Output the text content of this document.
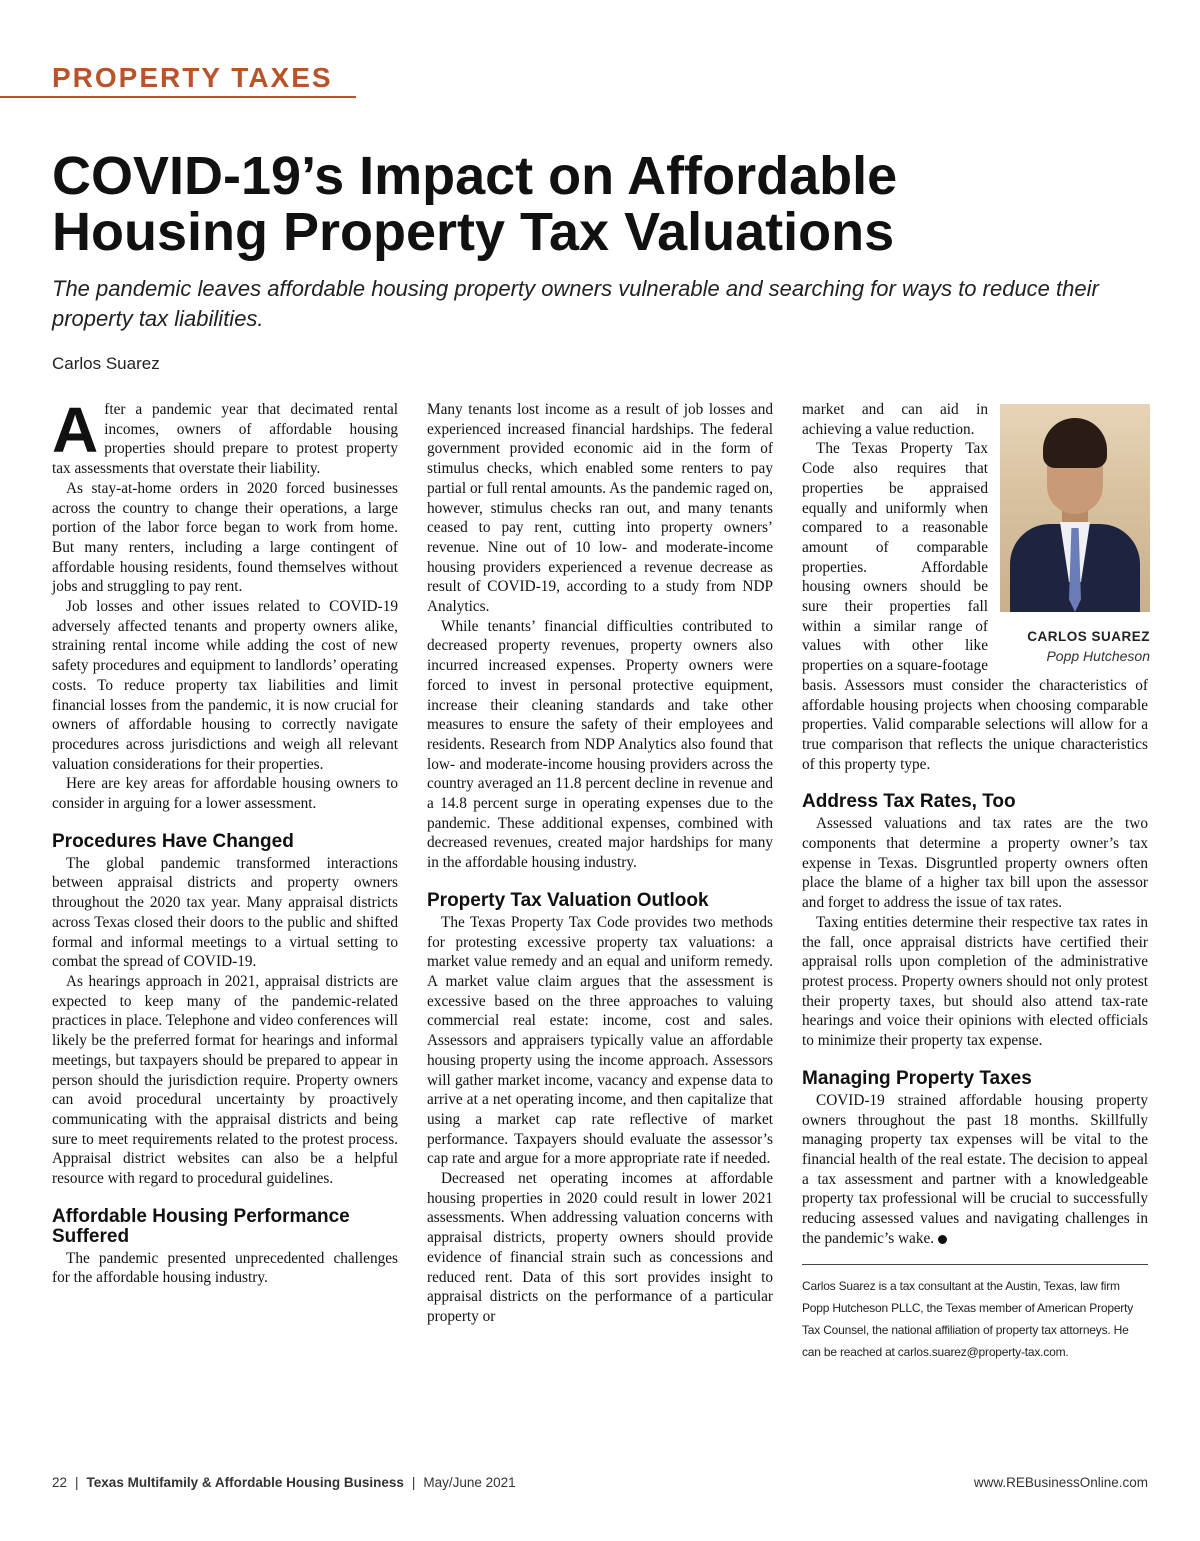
PROPERTY TAXES
COVID-19’s Impact on Affordable
Housing Property Tax Valuations

The pandemic leaves affordable housing property owners vulnerable and searching for ways to reduce their property tax liabilities.

Carlos Suarez

After a pandemic year that decimated rental incomes, owners of affordable housing properties should prepare to protest property tax assessments that overstate their liability.

As stay-at-home orders in 2020 forced businesses across the country to change their operations, a large portion of the labor force began to work from home. But many renters, including a large contingent of affordable housing residents, found themselves without jobs and struggling to pay rent.

Job losses and other issues related to COVID-19 adversely affected tenants and property owners alike, straining rental income while adding the cost of new safety procedures and equipment to landlords’ operating costs. To reduce property tax liabilities and limit financial losses from the pandemic, it is now crucial for owners of affordable housing to correctly navigate procedures across jurisdictions and weigh all relevant valuation considerations for their properties.

Here are key areas for affordable housing owners to consider in arguing for a lower assessment.

Procedures Have Changed

The global pandemic transformed interactions between appraisal districts and property owners throughout the 2020 tax year. Many appraisal districts across Texas closed their doors to the public and shifted formal and informal meetings to a virtual setting to combat the spread of COVID-19.

As hearings approach in 2021, appraisal districts are expected to keep many of the pandemic-related practices in place. Telephone and video conferences will likely be the preferred format for hearings and informal meetings, but taxpayers should be prepared to appear in person should the jurisdiction require. Property owners can avoid procedural uncertainty by proactively communicating with the appraisal districts and being sure to meet requirements related to the protest process. Appraisal district websites can also be a helpful resource with regard to procedural guidelines.

Affordable Housing Performance Suffered

The pandemic presented unprecedented challenges for the affordable housing industry.

Many tenants lost income as a result of job losses and experienced increased financial hardships. The federal government provided economic aid in the form of stimulus checks, which enabled some renters to pay partial or full rental amounts. As the pandemic raged on, however, stimulus checks ran out, and many tenants ceased to pay rent, cutting into property owners’ revenue. Nine out of 10 low- and moderate-income housing providers experienced a revenue decrease as result of COVID-19, according to a study from NDP Analytics.

While tenants’ financial difficulties contributed to decreased property revenues, property owners also incurred increased expenses. Property owners were forced to invest in personal protective equipment, increase their cleaning standards and take other measures to ensure the safety of their employees and residents. Research from NDP Analytics also found that low- and moderate-income housing providers across the country averaged an 11.8 percent decline in revenue and a 14.8 percent surge in operating expenses due to the pandemic. These additional expenses, combined with decreased revenues, created major hardships for many in the affordable housing industry.

Property Tax Valuation Outlook

The Texas Property Tax Code provides two methods for protesting excessive property tax valuations: a market value remedy and an equal and uniform remedy. A market value claim argues that the assessment is excessive based on the three approaches to valuing commercial real estate: income, cost and sales. Assessors and appraisers typically value an affordable housing property using the income approach. Assessors will gather market income, vacancy and expense data to arrive at a net operating income, and then capitalize that using a market cap rate reflective of market performance. Taxpayers should evaluate the assessor’s cap rate and argue for a more appropriate rate if needed.

Decreased net operating incomes at affordable housing properties in 2020 could result in lower 2021 assessments. When addressing valuation concerns with appraisal districts, property owners should provide evidence of financial strain such as concessions and reduced rent. Data of this sort provides insight to appraisal districts on the performance of a particular property or

CARLOS SUAREZ
Popp Hutcheson

market and can aid in achieving a value reduction.

The Texas Property Tax Code also requires that properties be appraised equally and uniformly when compared to a reasonable amount of comparable properties. Affordable housing owners should be sure their properties fall within a similar range of values with other like properties on a square-footage basis. Assessors must consider the characteristics of affordable housing projects when choosing comparable properties. Valid comparable selections will allow for a true comparison that reflects the unique characteristics of this property type.

Address Tax Rates, Too

Assessed valuations and tax rates are the two components that determine a property owner’s tax expense in Texas. Disgruntled property owners often place the blame of a higher tax bill upon the assessor and forget to address the issue of tax rates.

Taxing entities determine their respective tax rates in the fall, once appraisal districts have certified their appraisal rolls upon completion of the administrative protest process. Property owners should not only protest their property taxes, but should also attend tax-rate hearings and voice their opinions with elected officials to minimize their property tax expense.

Managing Property Taxes

COVID-19 strained affordable housing property owners throughout the past 18 months. Skillfully managing property tax expenses will be vital to the financial health of the real estate. The decision to appeal a tax assessment and partner with a knowledgeable property tax professional will be crucial to successfully reducing assessed values and navigating challenges in the pandemic’s wake.

Carlos Suarez is a tax consultant at the Austin, Texas, law firm Popp Hutcheson PLLC, the Texas member of American Property Tax Counsel, the national affiliation of property tax attorneys. He can be reached at carlos.suarez@property-tax.com.
22 | Texas Multifamily & Affordable Housing Business | May/June 2021	www.REBusinessOnline.com
